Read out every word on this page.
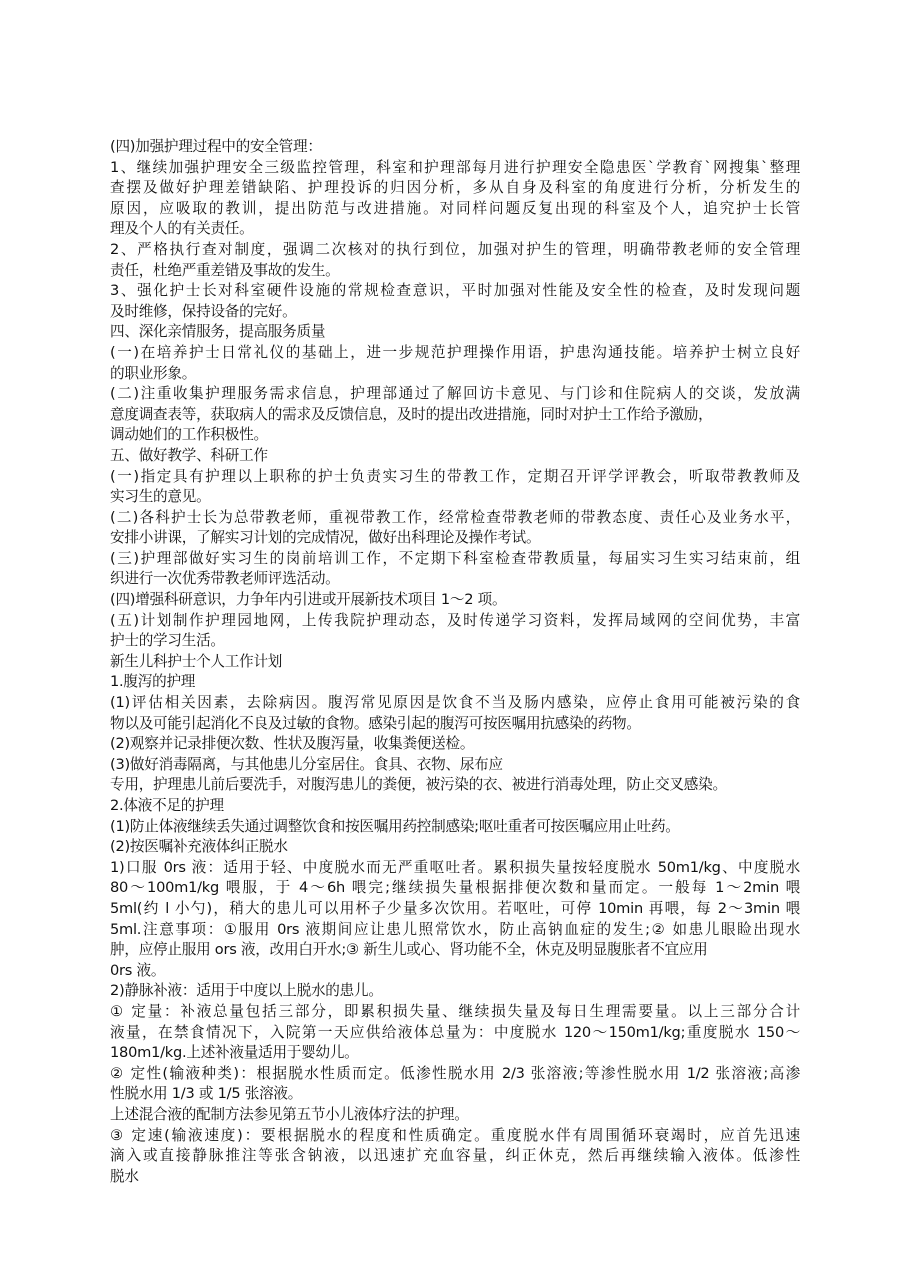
(四)加强护理过程中的安全管理：
1、继续加强护理安全三级监控管理，科室和护理部每月进行护理安全隐患医`学教育`网搜集`整理
查摆及做好护理差错缺陷、护理投诉的归因分析，多从自身及科室的角度进行分析，分析发生的
原因，应吸取的教训，提出防范与改进措施。对同样问题反复出现的科室及个人，追究护士长管
理及个人的有关责任。
2、严格执行查对制度，强调二次核对的执行到位，加强对护生的管理，明确带教老师的安全管理
责任，杜绝严重差错及事故的发生。
3、强化护士长对科室硬件设施的常规检查意识，平时加强对性能及安全性的检查，及时发现问题
及时维修，保持设备的完好。
四、深化亲情服务，提高服务质量
(一)在培养护士日常礼仪的基础上，进一步规范护理操作用语，护患沟通技能。培养护士树立良好
的职业形象。
(二)注重收集护理服务需求信息，护理部通过了解回访卡意见、与门诊和住院病人的交谈，发放满
意度调查表等，获取病人的需求及反馈信息，及时的提出改进措施，同时对护士工作给予激励，
调动她们的工作积极性。
五、做好教学、科研工作
(一)指定具有护理以上职称的护士负责实习生的带教工作，定期召开评学评教会，听取带教教师及
实习生的意见。
(二)各科护士长为总带教老师，重视带教工作，经常检查带教老师的带教态度、责任心及业务水平，
安排小讲课，了解实习计划的完成情况，做好出科理论及操作考试。
(三)护理部做好实习生的岗前培训工作，不定期下科室检查带教质量，每届实习生实习结束前，组
织进行一次优秀带教老师评选活动。
(四)增强科研意识，力争年内引进或开展新技术项目 1～2 项。
(五)计划制作护理园地网，上传我院护理动态，及时传递学习资料，发挥局域网的空间优势，丰富
护士的学习生活。
新生儿科护士个人工作计划
1.腹泻的护理
(1)评估相关因素，去除病因。腹泻常见原因是饮食不当及肠内感染，应停止食用可能被污染的食
物以及可能引起消化不良及过敏的食物。感染引起的腹泻可按医嘱用抗感染的药物。
(2)观察并记录排便次数、性状及腹泻量，收集粪便送检。
(3)做好消毒隔离，与其他患儿分室居住。食具、衣物、尿布应
专用，护理患儿前后要洗手，对腹泻患儿的粪便，被污染的衣、被进行消毒处理，防止交叉感染。
2.体液不足的护理
(1)防止体液继续丢失通过调整饮食和按医嘱用药控制感染;呕吐重者可按医嘱应用止吐药。
(2)按医嘱补充液体纠正脱水
1)口服 0rs 液：适用于轻、中度脱水而无严重呕吐者。累积损失量按轻度脱水 50m1/kg、中度脱水
80～100m1/kg 喂服，于 4～6h 喂完;继续损失量根据排便次数和量而定。一般每 1～2min 喂
5ml(约 l 小勺)，稍大的患儿可以用杯子少量多次饮用。若呕吐，可停 10min 再喂，每 2～3min 喂
5ml.注意事项：①服用 0rs 液期间应让患儿照常饮水，防止高钠血症的发生;② 如患儿眼睑出现水
肿，应停止服用 ors 液，改用白开水;③ 新生儿或心、肾功能不全，休克及明显腹胀者不宜应用
0rs 液。
2)静脉补液：适用于中度以上脱水的患儿。
① 定量：补液总量包括三部分，即累积损失量、继续损失量及每日生理需要量。以上三部分合计
液量，在禁食情况下，入院第一天应供给液体总量为：中度脱水 120～150m1/kg;重度脱水 150～
180m1/kg.上述补液量适用于婴幼儿。
② 定性(输液种类)：根据脱水性质而定。低渗性脱水用 2/3 张溶液;等渗性脱水用 1/2 张溶液;高渗
性脱水用 1/3 或 1/5 张溶液。
上述混合液的配制方法参见第五节小儿液体疗法的护理。
③ 定速(输液速度)：要根据脱水的程度和性质确定。重度脱水伴有周围循环衰竭时，应首先迅速
滴入或直接静脉推注等张含钠液，以迅速扩充血容量，纠正休克，然后再继续输入液体。低渗性
脱水
